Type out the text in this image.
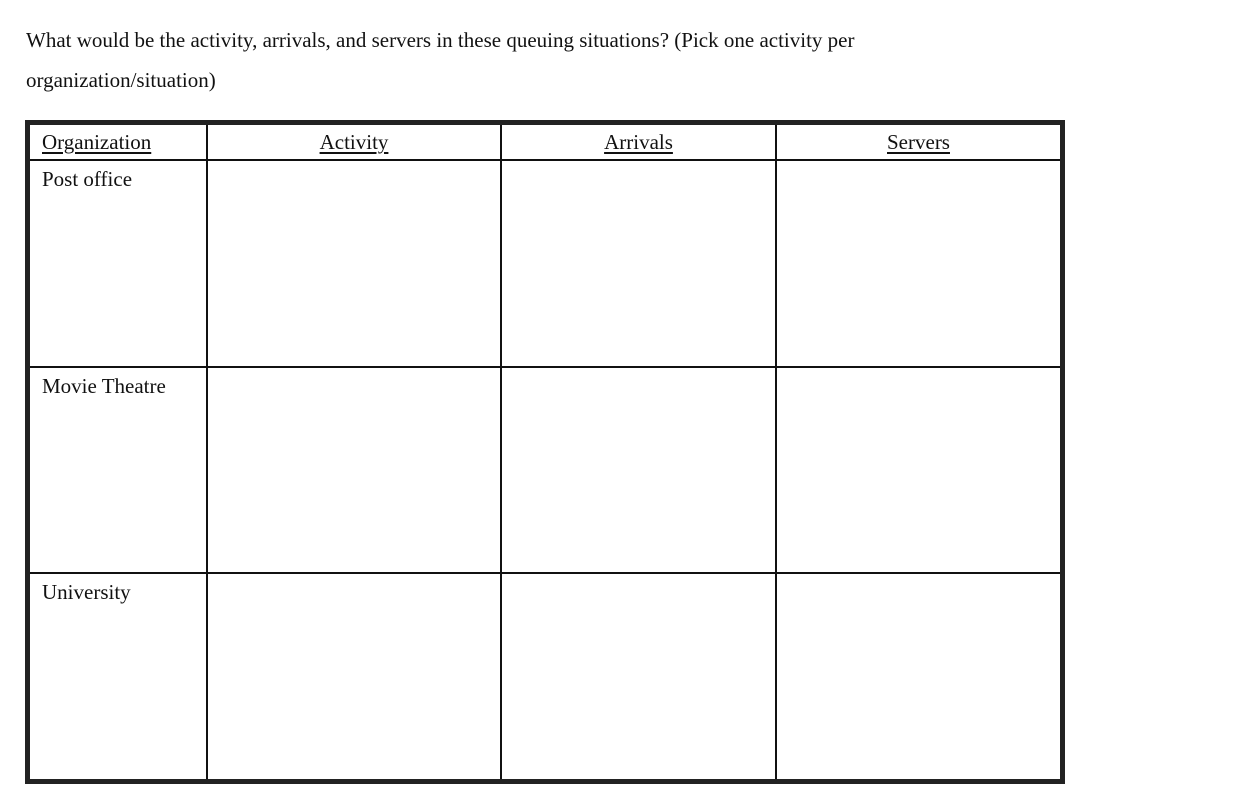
What would be the activity, arrivals, and servers in these queuing situations? (Pick one activity per
organization/situation)

Organization	Activity	Arrivals	Servers

Post office			

Movie Theatre			

University			
